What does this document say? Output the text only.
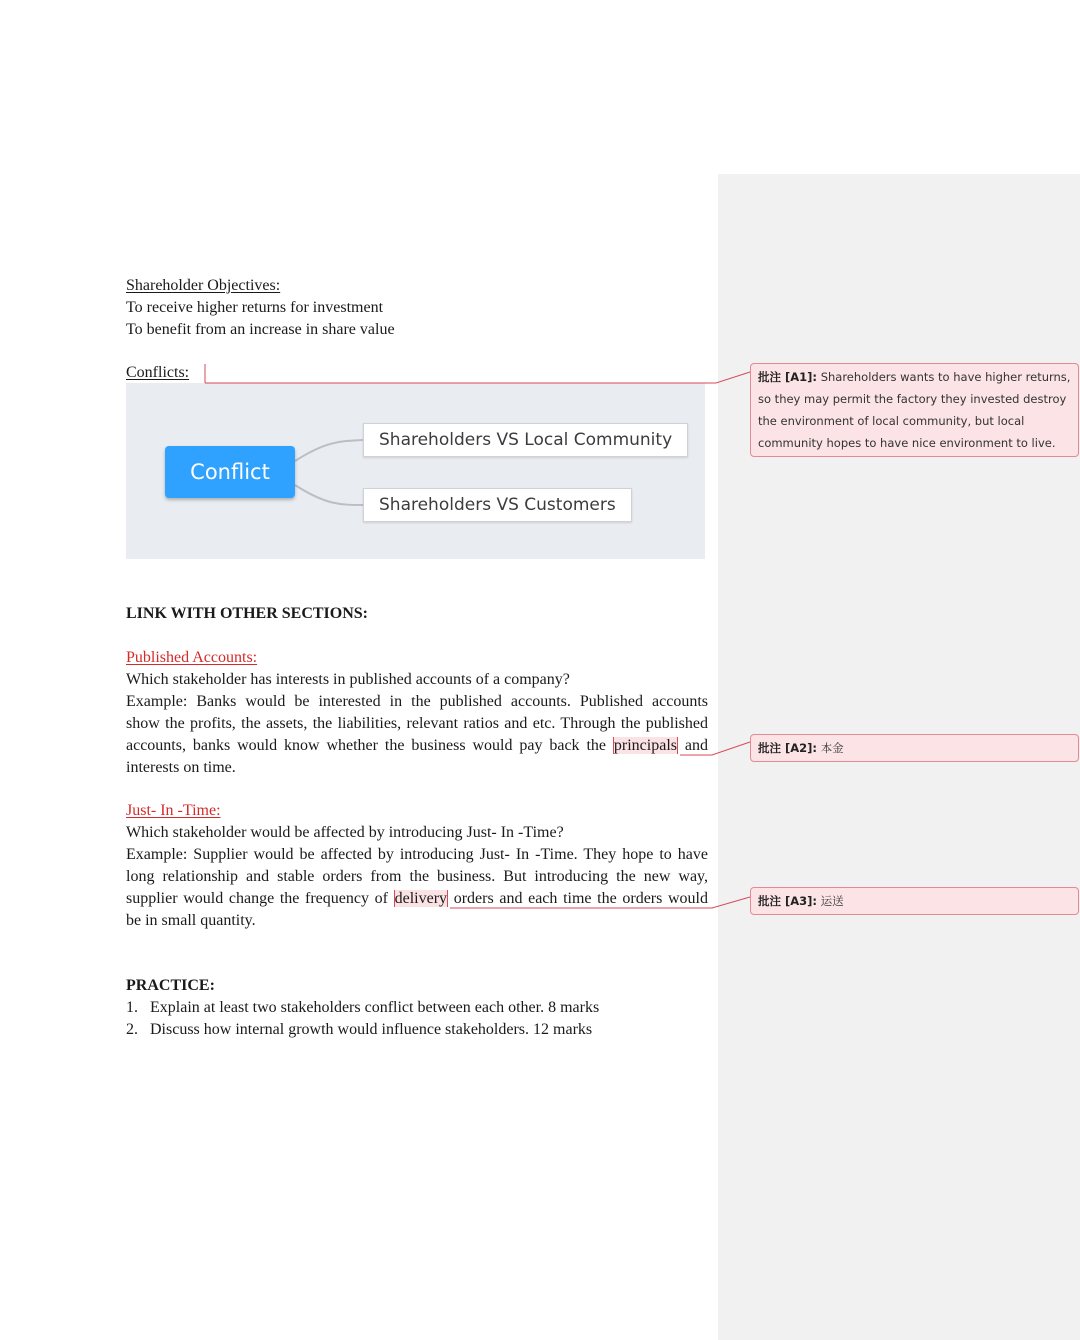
Shareholder Objectives:
To receive higher returns for investment
To benefit from an increase in share value
Conflicts:
Conflict
Shareholders VS Local Community
Shareholders VS Customers
LINK WITH OTHER SECTIONS:
Published Accounts:
Which stakeholder has interests in published accounts of a company?
Example: Banks would be interested in the published accounts. Published accounts
show the profits, the assets, the liabilities, relevant ratios and etc. Through the published
accounts, banks would know whether the business would pay back the principals and
interests on time.
Just- In -Time:
Which stakeholder would be affected by introducing Just- In -Time?
Example: Supplier would be affected by introducing Just- In -Time. They hope to have
long relationship and stable orders from the business. But introducing the new way,
supplier would change the frequency of delivery orders and each time the orders would
be in small quantity.
PRACTICE:
1. Explain at least two stakeholders conflict between each other. 8 marks
2. Discuss how internal growth would influence stakeholders. 12 marks
批注 [A1]: Shareholders wants to have higher returns, so they may permit the factory they invested destroy the environment of local community, but local community hopes to have nice environment to live.
批注 [A2]: 本金
批注 [A3]: 运送
